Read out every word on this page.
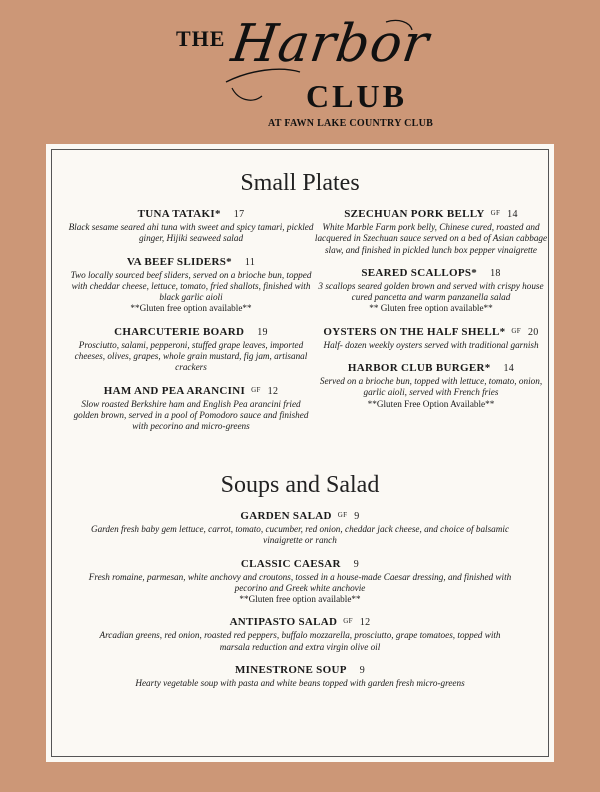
THE Harbor
CLUB
AT FAWN LAKE COUNTRY CLUB
Small Plates
TUNA TATAKI* 17
Black sesame seared ahi tuna with sweet and spicy tamari, pickled ginger, Hijiki seaweed salad
VA BEEF SLIDERS* 11
Two locally sourced beef sliders, served on a brioche bun, topped with cheddar cheese, lettuce, tomato, fried shallots, finished with black garlic aioli
**Gluten free option available**
CHARCUTERIE BOARD 19
Prosciutto, salami, pepperoni, stuffed grape leaves, imported cheeses, olives, grapes, whole grain mustard, fig jam, artisanal crackers
HAM AND PEA ARANCINI GF 12
Slow roasted Berkshire ham and English Pea arancini fried golden brown, served in a pool of Pomodoro sauce and finished with pecorino and micro-greens
SZECHUAN PORK BELLY GF 14
White Marble Farm pork belly, Chinese cured, roasted and lacquered in Szechuan sauce served on a bed of Asian cabbage slaw, and finished in pickled lunch box pepper vinaigrette
SEARED SCALLOPS* 18
3 scallops seared golden brown and served with crispy house cured pancetta and warm panzanella salad
** Gluten free option available**
OYSTERS ON THE HALF SHELL* GF 20
Half- dozen weekly oysters served with traditional garnish
HARBOR CLUB BURGER* 14
Served on a brioche bun, topped with lettuce, tomato, onion, garlic aioli, served with French fries
**Gluten Free Option Available**
Soups and Salad
GARDEN SALAD GF 9
Garden fresh baby gem lettuce, carrot, tomato, cucumber, red onion, cheddar jack cheese, and choice of balsamic vinaigrette or ranch
CLASSIC CAESAR 9
Fresh romaine, parmesan, white anchovy and croutons, tossed in a house-made Caesar dressing, and finished with pecorino and Greek white anchovie
**Gluten free option available**
ANTIPASTO SALAD GF 12
Arcadian greens, red onion, roasted red peppers, buffalo mozzarella, prosciutto, grape tomatoes, topped with marsala reduction and extra virgin olive oil
MINESTRONE SOUP 9
Hearty vegetable soup with pasta and white beans topped with garden fresh micro-greens
